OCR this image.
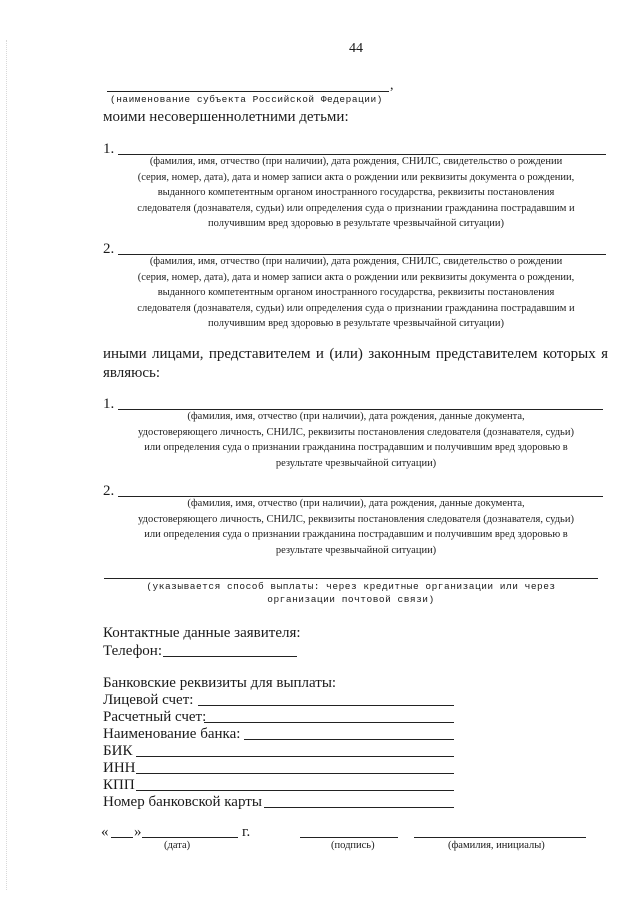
44
,
(наименование субъекта Российской Федерации)
моими несовершеннолетними детьми:
1.
(фамилия, имя, отчество (при наличии), дата рождения, СНИЛС, свидетельство о рождении
(серия, номер, дата), дата и номер записи акта о рождении или реквизиты документа о рождении,
выданного компетентным органом иностранного государства, реквизиты постановления
следователя (дознавателя, судьи) или определения суда о признании гражданина пострадавшим и
получившим вред здоровью в результате чрезвычайной ситуации)
2.
(фамилия, имя, отчество (при наличии), дата рождения, СНИЛС, свидетельство о рождении
(серия, номер, дата), дата и номер записи акта о рождении или реквизиты документа о рождении,
выданного компетентным органом иностранного государства, реквизиты постановления
следователя (дознавателя, судьи) или определения суда о признании гражданина пострадавшим и
получившим вред здоровью в результате чрезвычайной ситуации)
иными лицами, представителем и (или) законным представителем которых я
являюсь:
1.
(фамилия, имя, отчество (при наличии), дата рождения, данные документа,
удостоверяющего личность, СНИЛС, реквизиты постановления следователя (дознавателя, судьи)
или определения суда о признании гражданина пострадавшим и получившим вред здоровью в
результате чрезвычайной ситуации)
2.
(фамилия, имя, отчество (при наличии), дата рождения, данные документа,
удостоверяющего личность, СНИЛС, реквизиты постановления следователя (дознавателя, судьи)
или определения суда о признании гражданина пострадавшим и получившим вред здоровью в
результате чрезвычайной ситуации)
(указывается способ выплаты: через кредитные организации или через
организации почтовой связи)
Контактные данные заявителя:
Телефон:
Банковские реквизиты для выплаты:
Лицевой счет:
Расчетный счет:
Наименование банка:
БИК
ИНН
КПП
Номер банковской карты
« »	г.
(дата)	(подпись)	(фамилия, инициалы)
